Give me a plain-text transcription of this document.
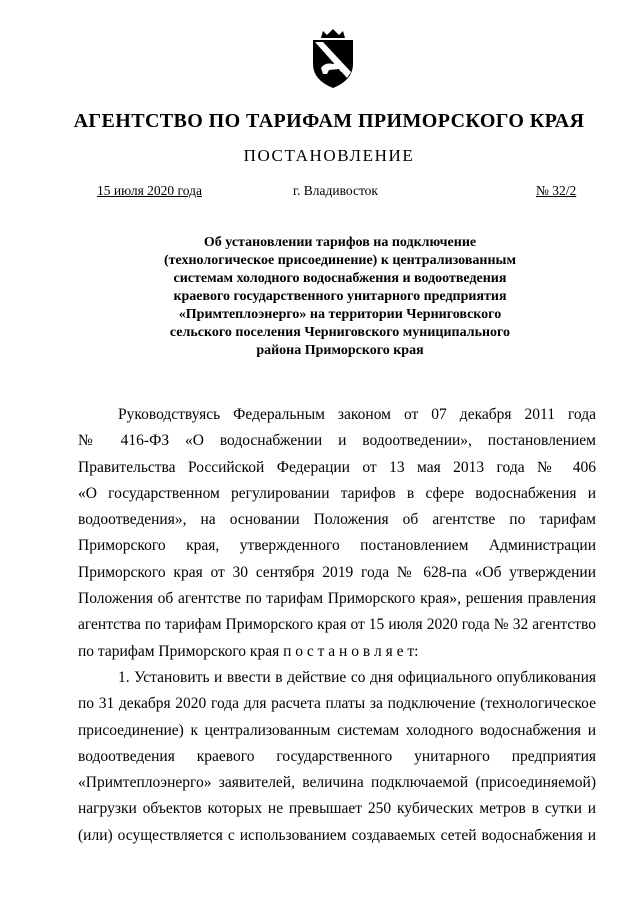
АГЕНТСТВО ПО ТАРИФАМ ПРИМОРСКОГО КРАЯ
ПОСТАНОВЛЕНИЕ
15 июля 2020 года	г. Владивосток	№ 32/2
Об установлении тарифов на подключение
(технологическое присоединение) к централизованным
системам холодного водоснабжения и водоотведения
краевого государственного унитарного предприятия
«Примтеплоэнерго» на территории Черниговского
сельского поселения Черниговского муниципального
района Приморского края
Руководствуясь Федеральным законом от 07 декабря 2011 года
№ 416-ФЗ «О водоснабжении и водоотведении», постановлением
Правительства Российской Федерации от 13 мая 2013 года № 406
«О государственном регулировании тарифов в сфере водоснабжения и
водоотведения», на основании Положения об агентстве по тарифам
Приморского края, утвержденного постановлением Администрации
Приморского края от 30 сентября 2019 года № 628-па «Об утверждении
Положения об агентстве по тарифам Приморского края», решения правления
агентства по тарифам Приморского края от 15 июля 2020 года № 32 агентство
по тарифам Приморского края п о с т а н о в л я е т:
1. Установить и ввести в действие со дня официального опубликования
по 31 декабря 2020 года для расчета платы за подключение (технологическое
присоединение) к централизованным системам холодного водоснабжения и
водоотведения краевого государственного унитарного предприятия
«Примтеплоэнерго» заявителей, величина подключаемой (присоединяемой)
нагрузки объектов которых не превышает 250 кубических метров в сутки и
(или) осуществляется с использованием создаваемых сетей водоснабжения и
